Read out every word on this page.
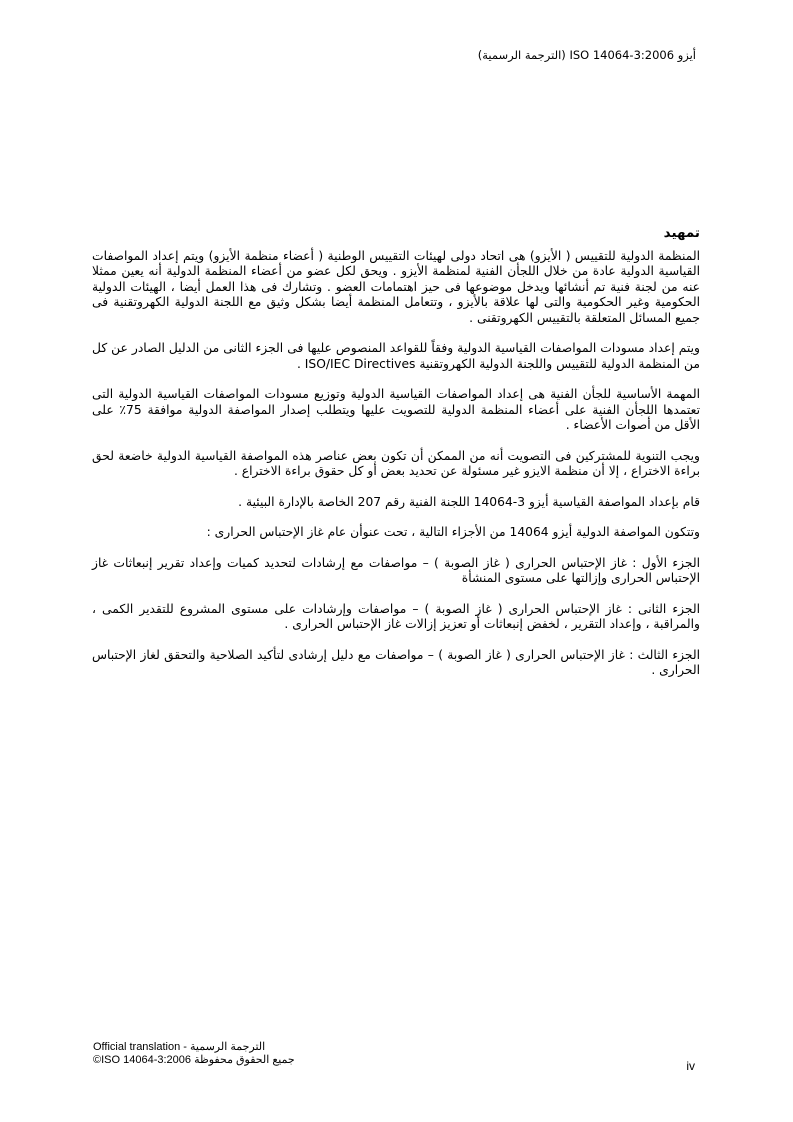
أيزو ISO 14064-3:2006 (الترجمة الرسمية)
تمهيد

المنظمة الدولية للتقييس ( الأيزو) هى اتحاد دولى لهيئات التقييس الوطنية ( أعضاء منظمة الأيزو) ويتم إعداد المواصفات القياسية الدولية عادة من خلال اللجأن الفنية لمنظمة الأيزو . ويحق لكل عضو من أعضاء المنظمة الدولية أنه يعين ممثلا عنه من لجنة فنية تم أنشائها ويدخل موضوعها فى حيز اهتمامات العضو . وتشارك فى هذا العمل أيضا ، الهيئات الدولية الحكومية وغير الحكومية والتى لها علاقة بالأيزو ، وتتعامل المنظمة أيضا بشكل وثيق مع اللجنة الدولية الكهروتقنية فى جميع المسائل المتعلقة بالتقييس الكهروتقنى .

ويتم إعداد مسودات المواصفات القياسية الدولية وفقاً للقواعد المنصوص عليها فى الجزء الثانى من الدليل الصادر عن كل من المنظمة الدولية للتقييس واللجنة الدولية الكهروتقنية ISO/IEC Directives .

المهمة الأساسية للجأن الفنية هى إعداد المواصفات القياسية الدولية وتوزيع مسودات المواصفات القياسية الدولية التى تعتمدها اللجأن الفنية على أعضاء المنظمة الدولية للتصويت عليها ويتطلب إصدار المواصفة الدولية موافقة 75٪ على الأقل من أصوات الأعضاء .

ويجب التنوية للمشتركين فى التصويت أنه من الممكن أن تكون بعض عناصر هذه المواصفة القياسية الدولية خاضعة لحق براءة الاختراع ، إلا أن منظمة الايزو غير مسئولة عن تحديد بعض أو كل حقوق براءة الاختراع .

قام بإعداد المواصفة القياسية أيزو 3-14064 اللجنة الفنية رقم 207 الخاصة بالإدارة البيئية .

وتتكون المواصفة الدولية أيزو 14064 من الأجزاء التالية ، تحت عنوأن عام غاز الإحتباس الحرارى :

الجزء الأول : غاز الإحتباس الحرارى ( غاز الصوبة ) – مواصفات مع إرشادات لتحديد كميات وإعداد تقرير إنبعاثات غاز الإحتباس الحرارى وإزالتها على مستوى المنشأة

الجزء الثانى : غاز الإحتباس الحرارى ( غاز الصوبة ) – مواصفات وإرشادات على مستوى المشروع للتقدير الكمى ، والمراقبة ، وإعداد التقرير ، لخفض إنبعاثات أو تعزيز إزالات غاز الإحتباس الحرارى .

الجزء الثالث : غاز الإحتباس الحرارى ( غاز الصوبة ) – مواصفات مع دليل إرشادى لتأكيد الصلاحية والتحقق لغاز الإحتباس الحرارى .

Official translation - الترجمة الرسمية
©ISO 14064-3:2006 جميع الحقوق محفوظة	iv
